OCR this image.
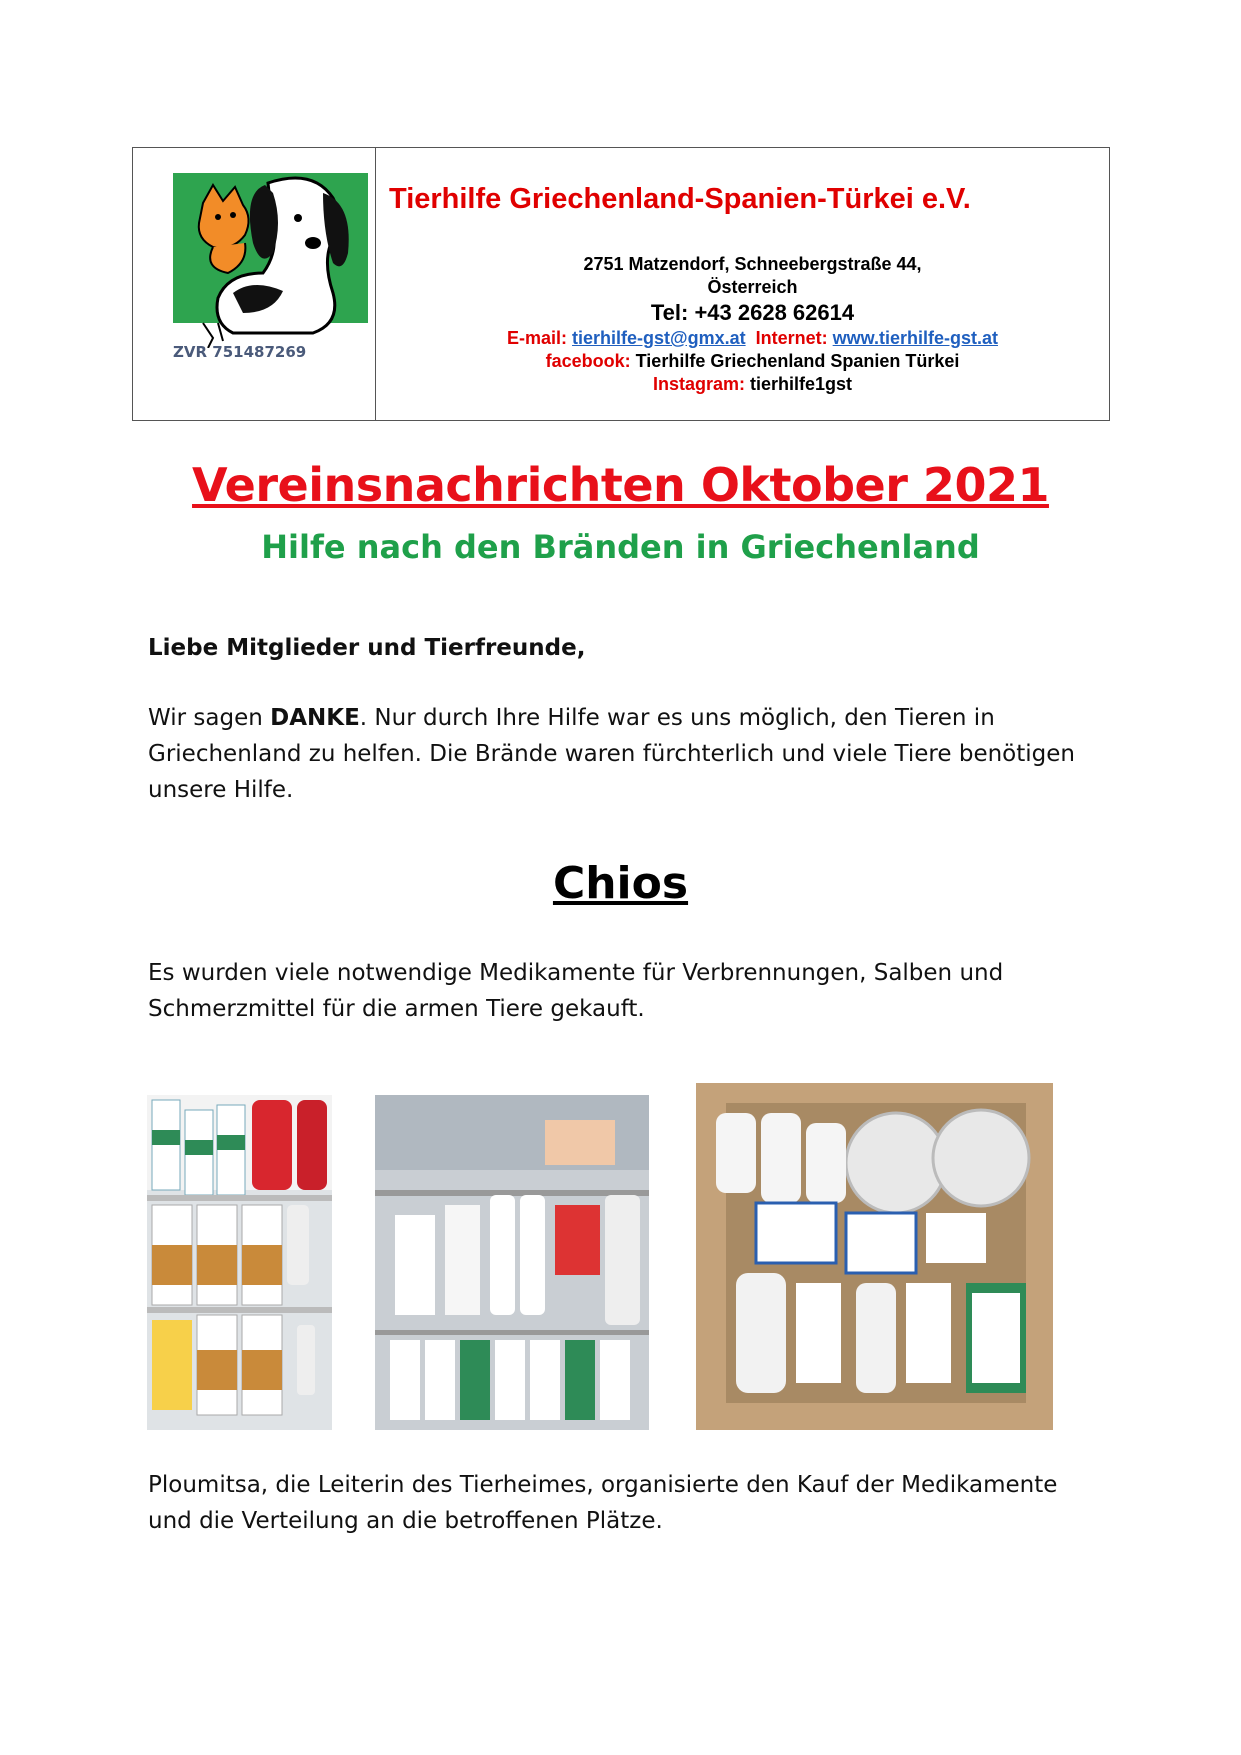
ZVR 751487269
Tierhilfe Griechenland-Spanien-Türkei e.V.
2751 Matzendorf, Schneebergstraße 44,
Österreich
Tel: +43 2628 62614
E-mail: tierhilfe-gst@gmx.at Internet: www.tierhilfe-gst.at
facebook: Tierhilfe Griechenland Spanien Türkei
Instagram: tierhilfe1gst
Vereinsnachrichten Oktober 2021
Hilfe nach den Bränden in Griechenland
Liebe Mitglieder und Tierfreunde,
Wir sagen DANKE. Nur durch Ihre Hilfe war es uns möglich, den Tieren in Griechenland zu helfen. Die Brände waren fürchterlich und viele Tiere benötigen unsere Hilfe.
Chios
Es wurden viele notwendige Medikamente für Verbrennungen, Salben und Schmerzmittel für die armen Tiere gekauft.
Ploumitsa, die Leiterin des Tierheimes, organisierte den Kauf der Medikamente und die Verteilung an die betroffenen Plätze.
